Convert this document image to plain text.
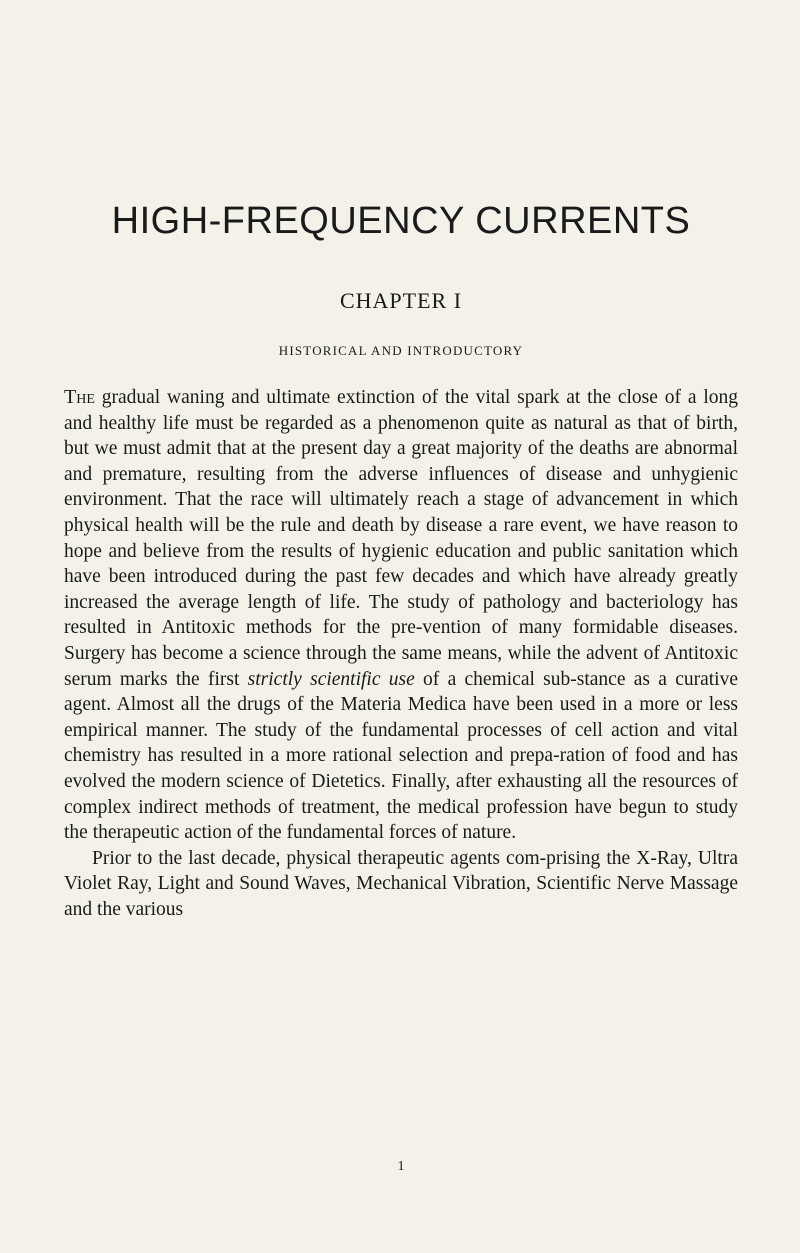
HIGH-FREQUENCY CURRENTS
CHAPTER I
HISTORICAL AND INTRODUCTORY

The gradual waning and ultimate extinction of the vital spark at the close of a long and healthy life must be regarded as a phenomenon quite as natural as that of birth, but we must admit that at the present day a great majority of the deaths are abnormal and premature, resulting from the adverse influences of disease and unhygienic environment. That the race will ultimately reach a stage of advancement in which physical health will be the rule and death by disease a rare event, we have reason to hope and believe from the results of hygienic education and public sanitation which have been introduced during the past few decades and which have already greatly increased the average length of life. The study of pathology and bacteriology has resulted in Antitoxic methods for the pre-vention of many formidable diseases. Surgery has become a science through the same means, while the advent of Antitoxic serum marks the first strictly scientific use of a chemical sub-stance as a curative agent. Almost all the drugs of the Materia Medica have been used in a more or less empirical manner. The study of the fundamental processes of cell action and vital chemistry has resulted in a more rational selection and prepa-ration of food and has evolved the modern science of Dietetics. Finally, after exhausting all the resources of complex indirect methods of treatment, the medical profession have begun to study the therapeutic action of the fundamental forces of nature.

Prior to the last decade, physical therapeutic agents com-prising the X-Ray, Ultra Violet Ray, Light and Sound Waves, Mechanical Vibration, Scientific Nerve Massage and the various

1
